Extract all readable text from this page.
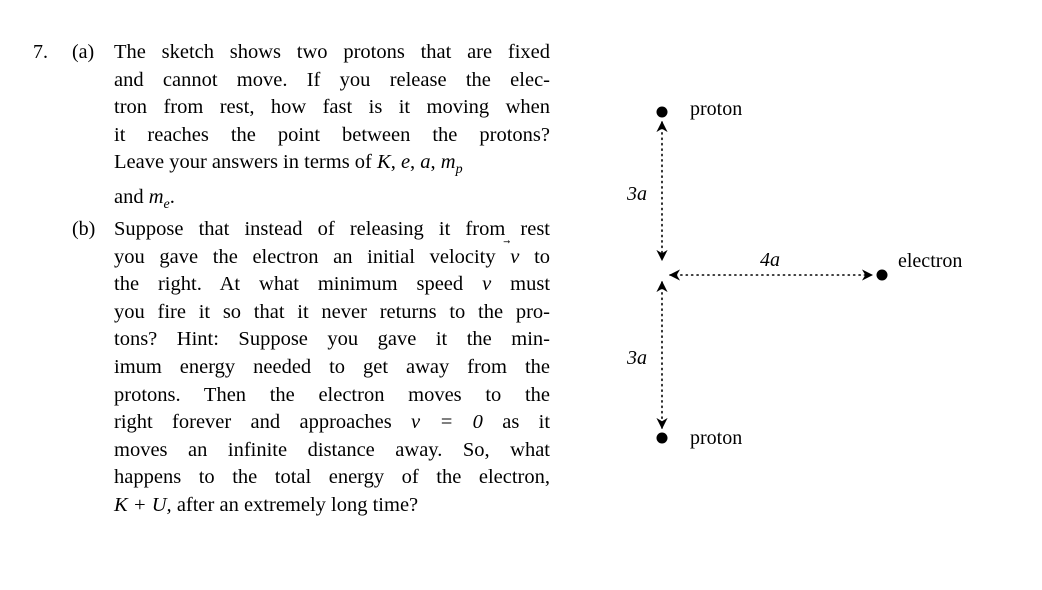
7. (a) The sketch shows two protons that are fixed
and cannot move. If you release the elec-
tron from rest, how fast is it moving when
it reaches the point between the protons?
Leave your answers in terms of K, e, a, $m_p$
and $m_e$.
(b) Suppose that instead of releasing it from rest
you gave the electron an initial velocity v to
the right. At what minimum speed v must
you fire it so that it never returns to the pro-
tons? Hint: Suppose you gave it the min-
imum energy needed to get away from the
protons. Then the electron moves to the
right forever and approaches v = 0 as it
moves an infinite distance away. So, what
happens to the total energy of the electron,
K + U, after an extremely long time?
proton
proton
electron
3a
3a
4a
